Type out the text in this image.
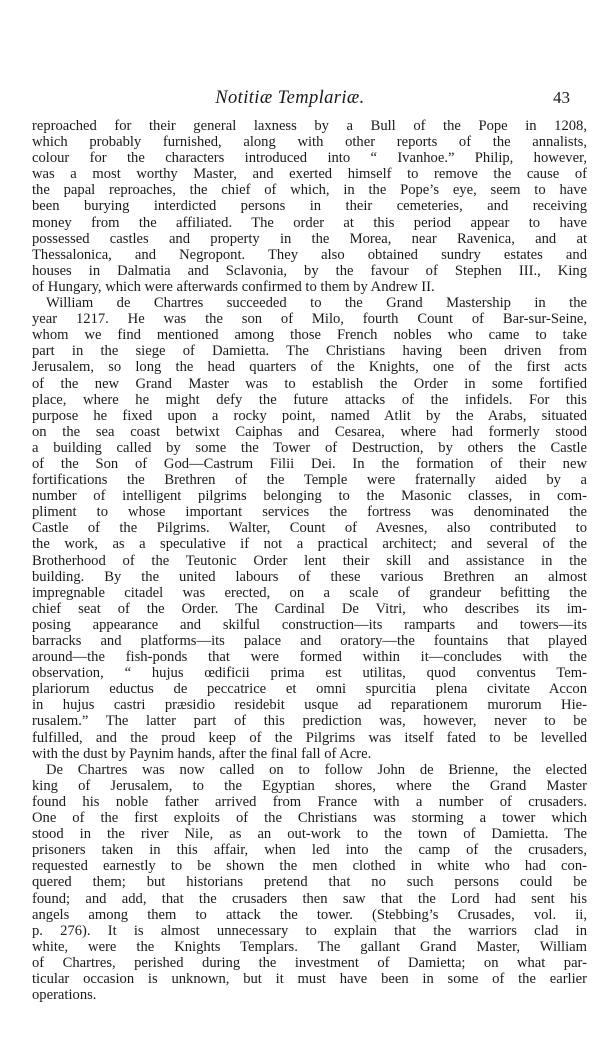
Notitiæ Templariæ.	43
reproached for their general laxness by a Bull of the Pope in 1208,
which probably furnished, along with other reports of the annalists,
colour for the characters introduced into “ Ivanhoe.” Philip, however,
was a most worthy Master, and exerted himself to remove the cause of
the papal reproaches, the chief of which, in the Pope’s eye, seem to have
been burying interdicted persons in their cemeteries, and receiving
money from the affiliated. The order at this period appear to have
possessed castles and property in the Morea, near Ravenica, and at
Thessalonica, and Negropont. They also obtained sundry estates and
houses in Dalmatia and Sclavonia, by the favour of Stephen III., King
of Hungary, which were afterwards confirmed to them by Andrew II.
William de Chartres succeeded to the Grand Mastership in the
year 1217. He was the son of Milo, fourth Count of Bar-sur-Seine,
whom we find mentioned among those French nobles who came to take
part in the siege of Damietta. The Christians having been driven from
Jerusalem, so long the head quarters of the Knights, one of the first acts
of the new Grand Master was to establish the Order in some fortified
place, where he might defy the future attacks of the infidels. For this
purpose he fixed upon a rocky point, named Atlit by the Arabs, situated
on the sea coast betwixt Caiphas and Cesarea, where had formerly stood
a building called by some the Tower of Destruction, by others the Castle
of the Son of God—Castrum Filii Dei. In the formation of their new
fortifications the Brethren of the Temple were fraternally aided by a
number of intelligent pilgrims belonging to the Masonic classes, in com-
pliment to whose important services the fortress was denominated the
Castle of the Pilgrims. Walter, Count of Avesnes, also contributed to
the work, as a speculative if not a practical architect; and several of the
Brotherhood of the Teutonic Order lent their skill and assistance in the
building. By the united labours of these various Brethren an almost
impregnable citadel was erected, on a scale of grandeur befitting the
chief seat of the Order. The Cardinal De Vitri, who describes its im-
posing appearance and skilful construction—its ramparts and towers—its
barracks and platforms—its palace and oratory—the fountains that played
around—the fish-ponds that were formed within it—concludes with the
observation, “ hujus œdificii prima est utilitas, quod conventus Tem-
plariorum eductus de peccatrice et omni spurcitia plena civitate Accon
in hujus castri præsidio residebit usque ad reparationem murorum Hie-
rusalem.” The latter part of this prediction was, however, never to be
fulfilled, and the proud keep of the Pilgrims was itself fated to be levelled
with the dust by Paynim hands, after the final fall of Acre.
De Chartres was now called on to follow John de Brienne, the elected
king of Jerusalem, to the Egyptian shores, where the Grand Master
found his noble father arrived from France with a number of crusaders.
One of the first exploits of the Christians was storming a tower which
stood in the river Nile, as an out-work to the town of Damietta. The
prisoners taken in this affair, when led into the camp of the crusaders,
requested earnestly to be shown the men clothed in white who had con-
quered them; but historians pretend that no such persons could be
found; and add, that the crusaders then saw that the Lord had sent his
angels among them to attack the tower. (Stebbing’s Crusades, vol. ii,
p. 276). It is almost unnecessary to explain that the warriors clad in
white, were the Knights Templars. The gallant Grand Master, William
of Chartres, perished during the investment of Damietta; on what par-
ticular occasion is unknown, but it must have been in some of the earlier
operations.
